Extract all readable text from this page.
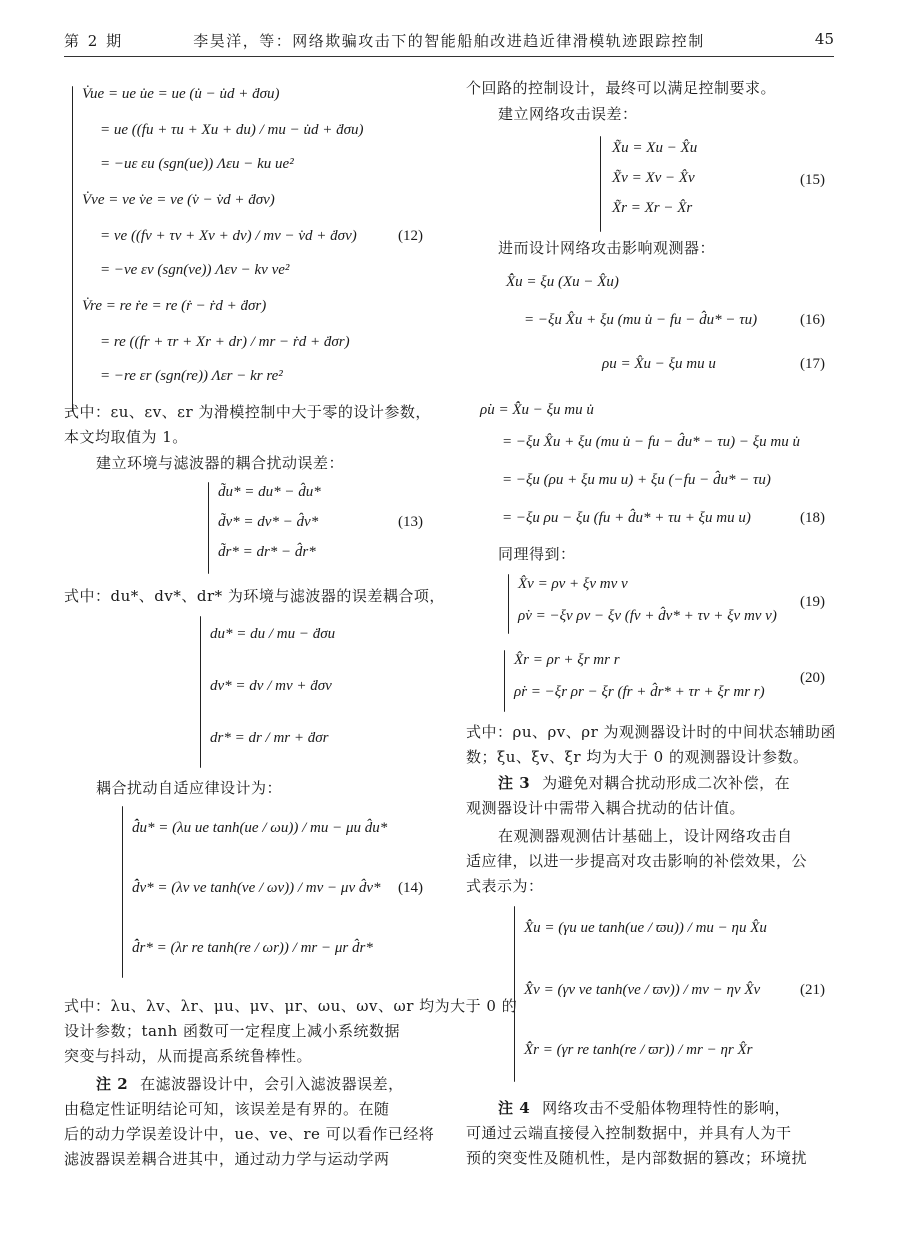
第 2 期	李昊洋，等：网络欺骗攻击下的智能船舶改进趋近律滑模轨迹跟踪控制	45
V̇ue = ue u̇e = ue (u̇ − u̇d + ḋσu)
= ue ((fu + τu + Xu + du) / mu − u̇d + ḋσu)
= −uε εu (sgn(ue)) Λεu − ku ue²
V̇ve = ve v̇e = ve (v̇ − v̇d + ḋσv)
= ve ((fv + τv + Xv + dv) / mv − v̇d + ḋσv)
= −ve εv (sgn(ve)) Λεv − kv ve²
V̇re = re ṙe = re (ṙ − ṙd + ḋσr)
= re ((fr + τr + Xr + dr) / mr − ṙd + ḋσr)
= −re εr (sgn(re)) Λεr − kr re²
(12)
式中：εu、εv、εr 为滑模控制中大于零的设计参数，
本文均取值为 1。
建立环境与滤波器的耦合扰动误差：
d̃u* = du* − d̂u*
d̃v* = dv* − d̂v*
d̃r* = dr* − d̂r*
(13)
式中：du*、dv*、dr* 为环境与滤波器的误差耦合项，
du* = du / mu − ḋσu
dv* = dv / mv + ḋσv
dr* = dr / mr + ḋσr
耦合扰动自适应律设计为：
d̂̇u* = (λu ue tanh(ue / ωu)) / mu − μu d̂u*
d̂̇v* = (λv ve tanh(ve / ωv)) / mv − μv d̂v*
d̂̇r* = (λr re tanh(re / ωr)) / mr − μr d̂r*
(14)
式中：λu、λv、λr、μu、μv、μr、ωu、ωv、ωr 均为大于 0 的
设计参数；tanh 函数可一定程度上减小系统数据
突变与抖动，从而提高系统鲁棒性。
注 2 在滤波器设计中，会引入滤波器误差，
由稳定性证明结论可知，该误差是有界的。在随
后的动力学误差设计中，ue、ve、re 可以看作已经将
滤波器误差耦合进其中，通过动力学与运动学两
个回路的控制设计，最终可以满足控制要求。
建立网络攻击误差：
X̃u = Xu − X̂u
X̃v = Xv − X̂v
X̃r = Xr − X̂r
(15)
进而设计网络攻击影响观测器：
X̂̇u = ξu (Xu − X̂u)
= −ξu X̂u + ξu (mu u̇ − fu − d̂u* − τu)	(16)
ρu = X̂u − ξu mu u	(17)
ρ̇u = X̂̇u − ξu mu u̇
= −ξu X̂u + ξu (mu u̇ − fu − d̂u* − τu) − ξu mu u̇
= −ξu (ρu + ξu mu u) + ξu (−fu − d̂u* − τu)
= −ξu ρu − ξu (fu + d̂u* + τu + ξu mu u)	(18)
同理得到：
X̂v = ρv + ξv mv v
ρ̇v = −ξv ρv − ξv (fv + d̂v* + τv + ξv mv v)
(19)
X̂r = ρr + ξr mr r
ρ̇r = −ξr ρr − ξr (fr + d̂r* + τr + ξr mr r)
(20)
式中：ρu、ρv、ρr 为观测器设计时的中间状态辅助函
数；ξu、ξv、ξr 均为大于 0 的观测器设计参数。
注 3 为避免对耦合扰动形成二次补偿，在
观测器设计中需带入耦合扰动的估计值。
在观测器观测估计基础上，设计网络攻击自
适应律，以进一步提高对攻击影响的补偿效果，公
式表示为：
X̂̇u = (γu ue tanh(ue / ϖu)) / mu − ηu X̂u
X̂̇v = (γv ve tanh(ve / ϖv)) / mv − ηv X̂v
X̂̇r = (γr re tanh(re / ϖr)) / mr − ηr X̂r
(21)
注 4 网络攻击不受船体物理特性的影响，
可通过云端直接侵入控制数据中，并具有人为干
预的突变性及随机性，是内部数据的篡改；环境扰
